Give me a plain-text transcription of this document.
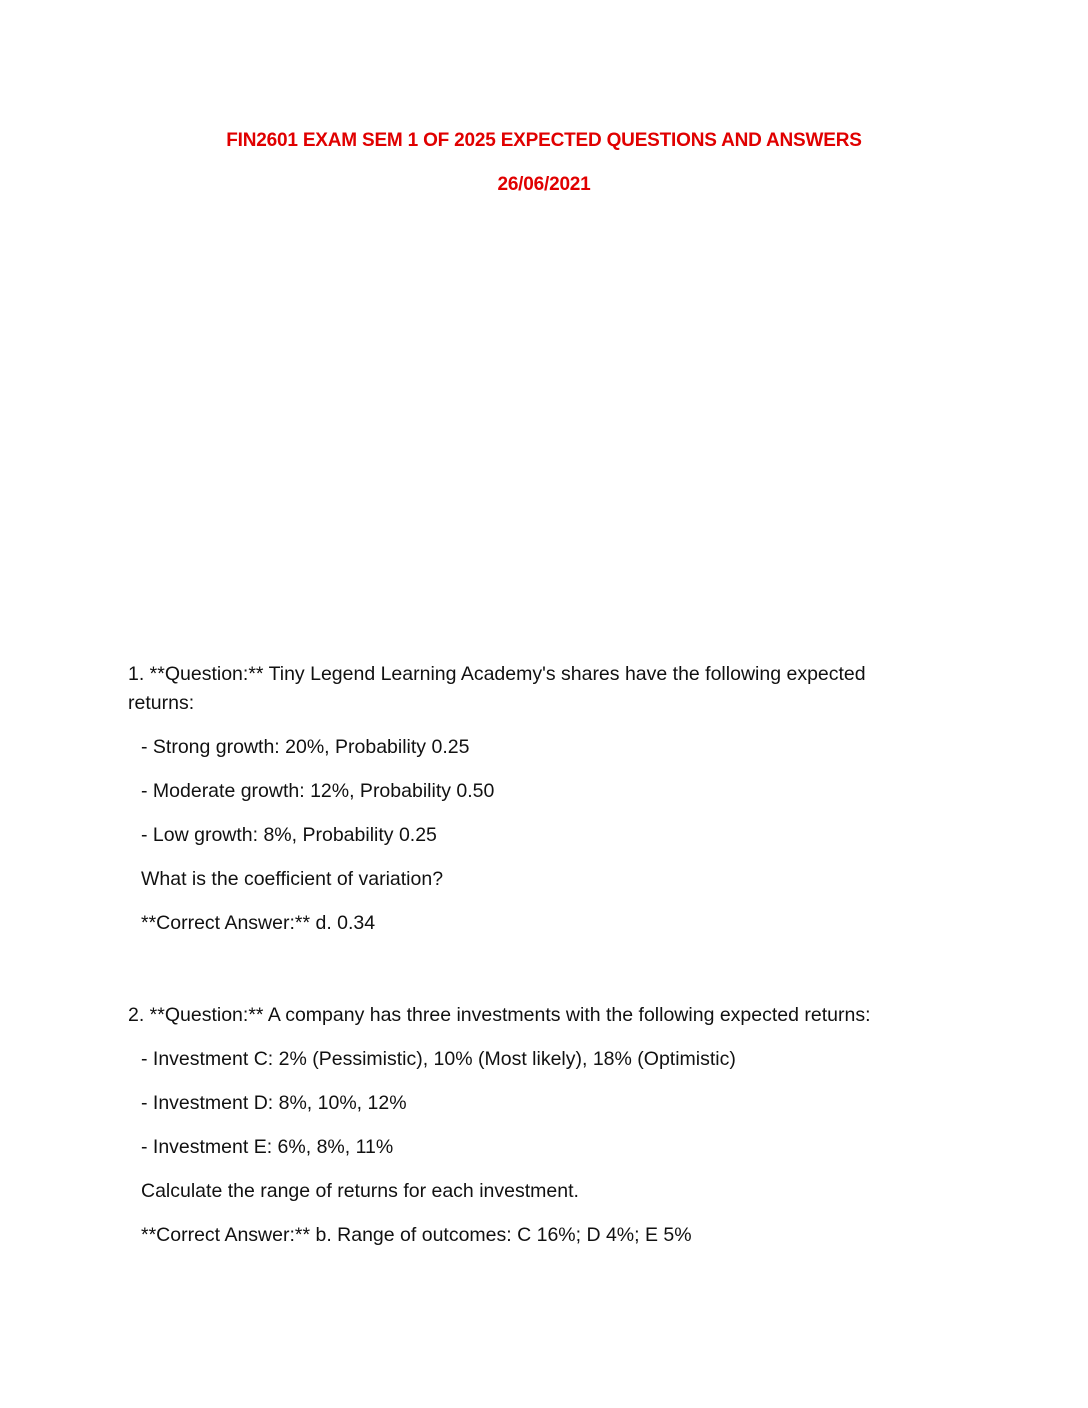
FIN2601 EXAM SEM 1 OF 2025 EXPECTED QUESTIONS AND ANSWERS
26/06/2021

1. **Question:** Tiny Legend Learning Academy's shares have the following expected returns:

- Strong growth: 20%, Probability 0.25

- Moderate growth: 12%, Probability 0.50

- Low growth: 8%, Probability 0.25

What is the coefficient of variation?

**Correct Answer:** d. 0.34

2. **Question:** A company has three investments with the following expected returns:

- Investment C: 2% (Pessimistic), 10% (Most likely), 18% (Optimistic)

- Investment D: 8%, 10%, 12%

- Investment E: 6%, 8%, 11%

Calculate the range of returns for each investment.

**Correct Answer:** b. Range of outcomes: C 16%; D 4%; E 5%
